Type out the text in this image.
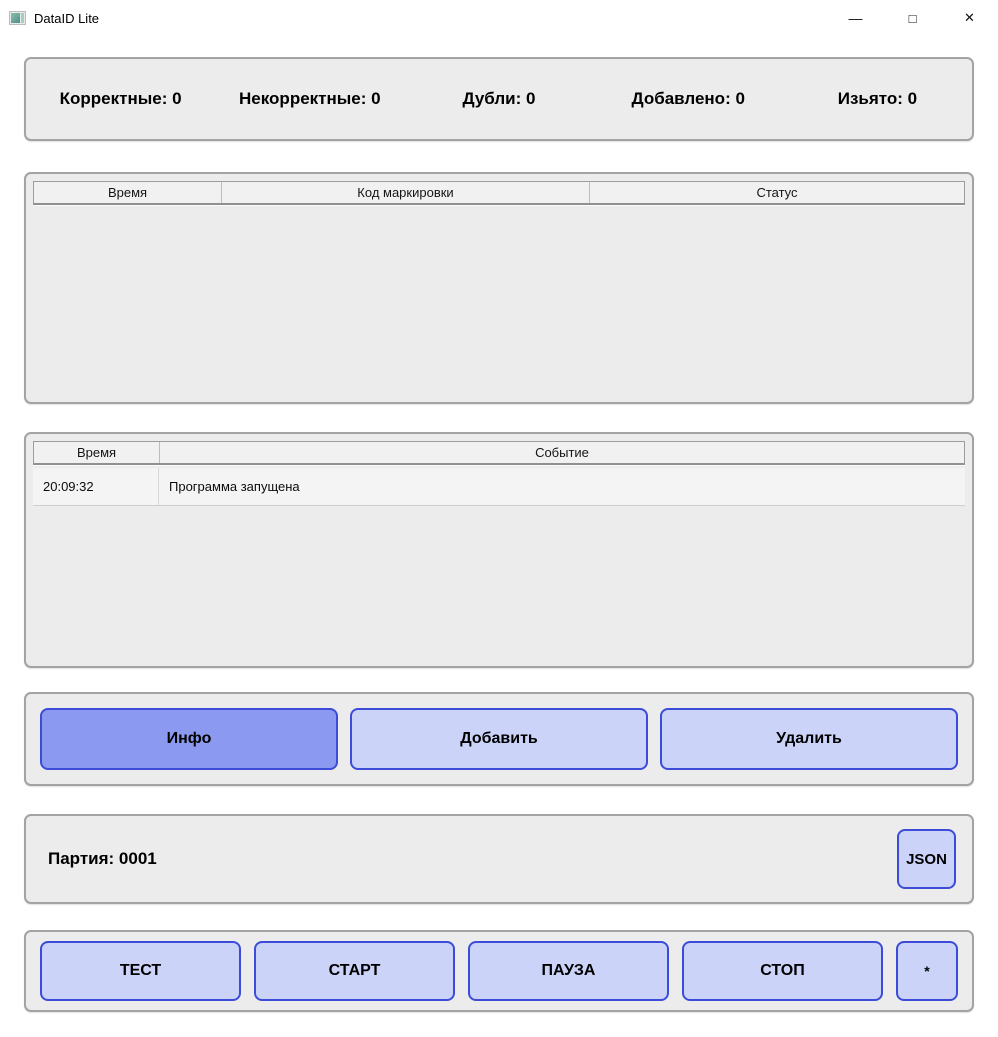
DataID Lite	—	□	✕
Корректные: 0	Некорректные: 0	Дубли: 0	Добавлено: 0	Изьято: 0
Время	Код маркировки	Статус
Время	Событие
20:09:32	Программа запущена
Инфо	Добавить	Удалить
Партия: 0001	JSON
ТЕСТ	СТАРТ	ПАУЗА	СТОП	*
